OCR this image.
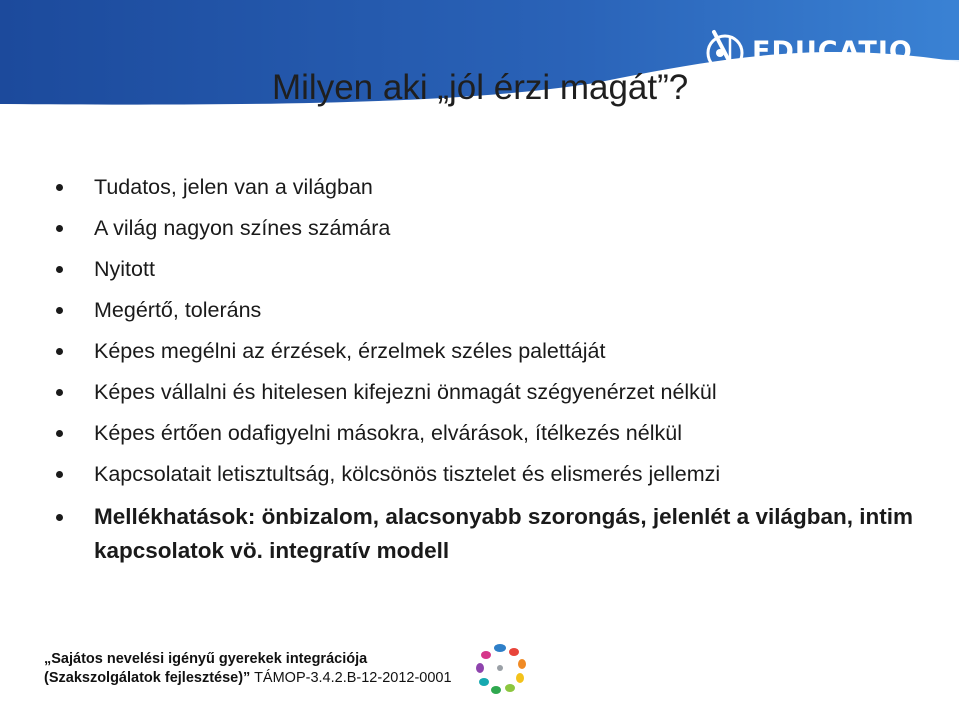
Milyen aki „jól érzi magát”?
EDUCATIO
Tudatos, jelen van a világban
A világ nagyon színes számára
Nyitott
Megértő, toleráns
Képes megélni az érzések, érzelmek széles palettáját
Képes vállalni és hitelesen kifejezni önmagát szégyenérzet nélkül
Képes értően odafigyelni másokra, elvárások, ítélkezés nélkül
Kapcsolatait letisztultság, kölcsönös tisztelet és elismerés jellemzi
Mellékhatások: önbizalom, alacsonyabb szorongás, jelenlét a világban, intim kapcsolatok vö. integratív modell
„Sajátos nevelési igényű gyerekek integrációja
(Szakszolgálatok fejlesztése)” TÁMOP-3.4.2.B-12-2012-0001
